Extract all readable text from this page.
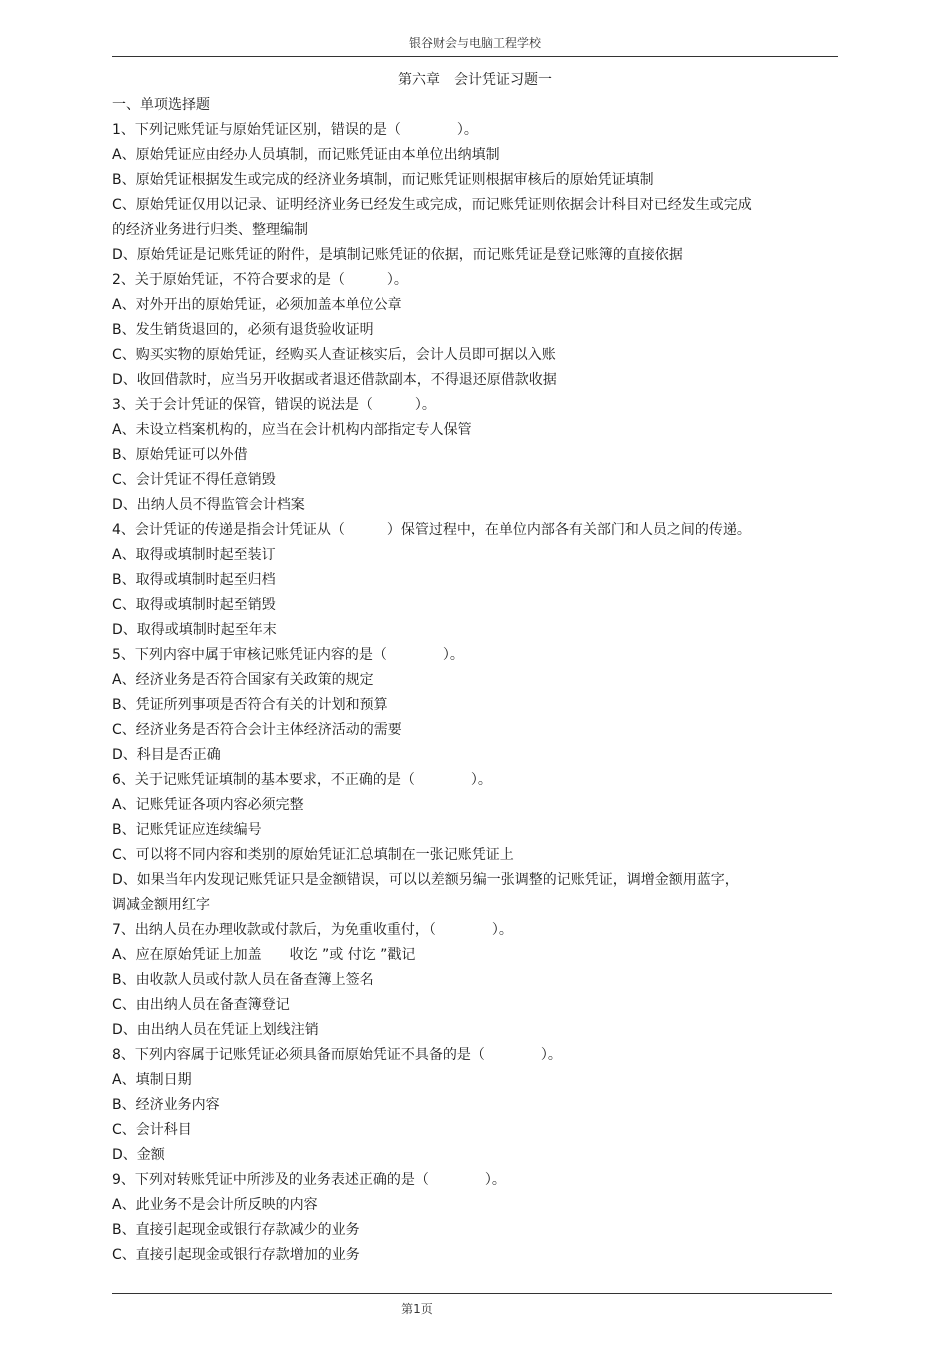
银谷财会与电脑工程学校
第六章　会计凭证习题一
一、单项选择题
1、下列记账凭证与原始凭证区别，错误的是（　　　　）。
A、原始凭证应由经办人员填制，而记账凭证由本单位出纳填制
B、原始凭证根据发生或完成的经济业务填制，而记账凭证则根据审核后的原始凭证填制
C、原始凭证仅用以记录、证明经济业务已经发生或完成，而记账凭证则依据会计科目对已经发生或完成的经济业务进行归类、整理编制
D、原始凭证是记账凭证的附件，是填制记账凭证的依据，而记账凭证是登记账簿的直接依据
2、关于原始凭证，不符合要求的是（　　　）。
A、对外开出的原始凭证，必须加盖本单位公章
B、发生销货退回的，必须有退货验收证明
C、购买实物的原始凭证，经购买人查证核实后，会计人员即可据以入账
D、收回借款时，应当另开收据或者退还借款副本，不得退还原借款收据
3、关于会计凭证的保管，错误的说法是（　　　）。
A、未设立档案机构的，应当在会计机构内部指定专人保管
B、原始凭证可以外借
C、会计凭证不得任意销毁
D、出纳人员不得监管会计档案
4、会计凭证的传递是指会计凭证从（　　　）保管过程中，在单位内部各有关部门和人员之间的传递。
A、取得或填制时起至装订
B、取得或填制时起至归档
C、取得或填制时起至销毁
D、取得或填制时起至年末
5、下列内容中属于审核记账凭证内容的是（　　　　）。
A、经济业务是否符合国家有关政策的规定
B、凭证所列事项是否符合有关的计划和预算
C、经济业务是否符合会计主体经济活动的需要
D、科目是否正确
6、关于记账凭证填制的基本要求，不正确的是（　　　　）。
A、记账凭证各项内容必须完整
B、记账凭证应连续编号
C、可以将不同内容和类别的原始凭证汇总填制在一张记账凭证上
D、如果当年内发现记账凭证只是金额错误，可以以差额另编一张调整的记账凭证，调增金额用蓝字，调减金额用红字
7、出纳人员在办理收款或付款后，为免重收重付，（　　　　）。
A、应在原始凭证上加盖　　收讫 ”或 付讫 ”戳记
B、由收款人员或付款人员在备查簿上签名
C、由出纳人员在备查簿登记
D、由出纳人员在凭证上划线注销
8、下列内容属于记账凭证必须具备而原始凭证不具备的是（　　　　）。
A、填制日期
B、经济业务内容
C、会计科目
D、金额
9、下列对转账凭证中所涉及的业务表述正确的是（　　　　）。
A、此业务不是会计所反映的内容
B、直接引起现金或银行存款减少的业务
C、直接引起现金或银行存款增加的业务
第1页
